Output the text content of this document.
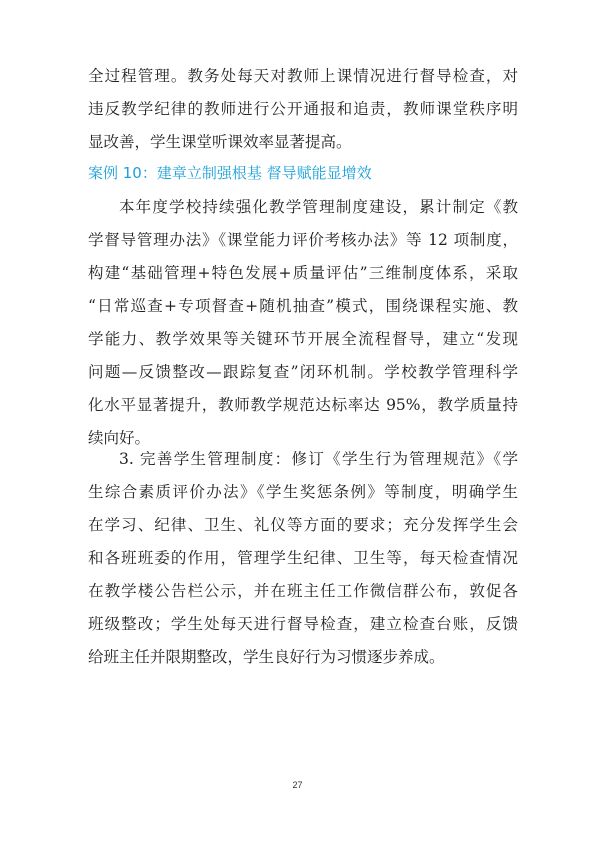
全过程管理。教务处每天对教师上课情况进行督导检查，对
违反教学纪律的教师进行公开通报和追责，教师课堂秩序明
显改善，学生课堂听课效率显著提高。
案例 10：建章立制强根基 督导赋能显增效
本年度学校持续强化教学管理制度建设，累计制定《教
学督导管理办法》《课堂能力评价考核办法》等 12 项制度，
构建“基础管理+特色发展+质量评估”三维制度体系，采取
“日常巡查+专项督查+随机抽查”模式，围绕课程实施、教
学能力、教学效果等关键环节开展全流程督导，建立“发现
问题—反馈整改—跟踪复查”闭环机制。学校教学管理科学
化水平显著提升，教师教学规范达标率达 95%，教学质量持
续向好。
3. 完善学生管理制度：修订《学生行为管理规范》《学
生综合素质评价办法》《学生奖惩条例》等制度，明确学生
在学习、纪律、卫生、礼仪等方面的要求；充分发挥学生会
和各班班委的作用，管理学生纪律、卫生等，每天检查情况
在教学楼公告栏公示，并在班主任工作微信群公布，敦促各
班级整改；学生处每天进行督导检查，建立检查台账，反馈
给班主任并限期整改，学生良好行为习惯逐步养成。
27
